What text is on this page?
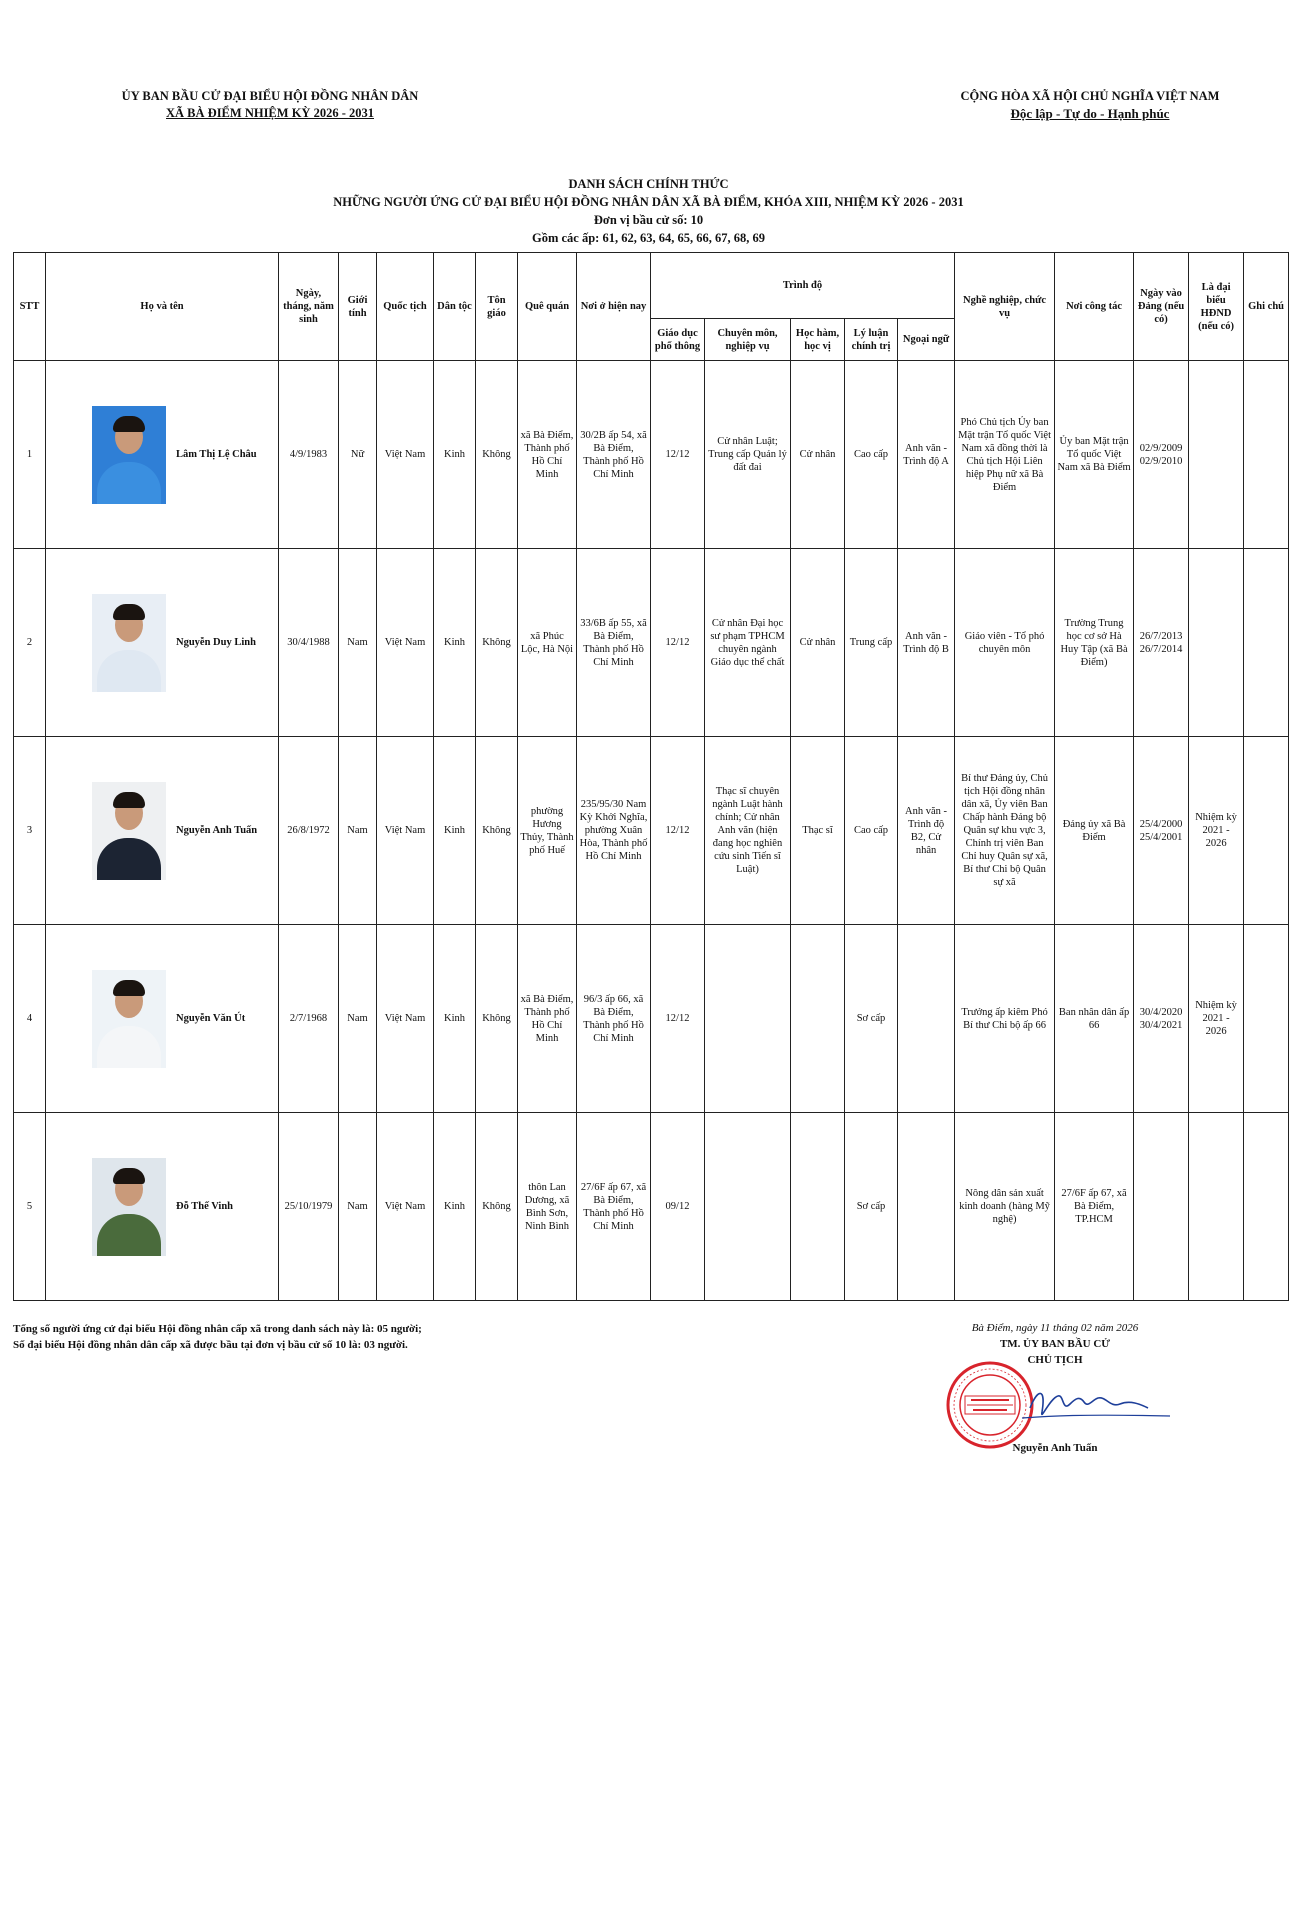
ỦY BAN BẦU CỬ ĐẠI BIỂU HỘI ĐỒNG NHÂN DÂN
XÃ BÀ ĐIỂM NHIỆM KỲ 2026 - 2031
CỘNG HÒA XÃ HỘI CHỦ NGHĨA VIỆT NAM
Độc lập - Tự do - Hạnh phúc
DANH SÁCH CHÍNH THỨC
NHỮNG NGƯỜI ỨNG CỬ ĐẠI BIỂU HỘI ĐỒNG NHÂN DÂN XÃ BÀ ĐIỂM, KHÓA XIII, NHIỆM KỲ 2026 - 2031
Đơn vị bầu cử số: 10
Gồm các ấp: 61, 62, 63, 64, 65, 66, 67, 68, 69
STT	Họ và tên	Ngày, tháng, năm sinh	Giới tính	Quốc tịch	Dân tộc	Tôn giáo	Quê quán	Nơi ở hiện nay	Trình độ					Nghề nghiệp, chức vụ	Nơi công tác	Ngày vào Đảng (nếu có)	Là đại biểu HĐND (nếu có)	Ghi chú
									Giáo dục phổ thông	Chuyên môn, nghiệp vụ	Học hàm, học vị	Lý luận chính trị	Ngoại ngữ					
1	Lâm Thị Lệ Châu	4/9/1983	Nữ	Việt Nam	Kinh	Không	xã Bà Điểm, Thành phố Hồ Chí Minh	30/2B ấp 54, xã Bà Điểm, Thành phố Hồ Chí Minh	12/12	Cử nhân Luật; Trung cấp Quản lý đất đai	Cử nhân	Cao cấp	Anh văn - Trình độ A	Phó Chủ tịch Ủy ban Mặt trận Tổ quốc Việt Nam xã đồng thời là Chủ tịch Hội Liên hiệp Phụ nữ xã Bà Điểm	Ủy ban Mặt trận Tổ quốc Việt Nam xã Bà Điểm	02/9/2009 02/9/2010		
2	Nguyễn Duy Linh	30/4/1988	Nam	Việt Nam	Kinh	Không	xã Phúc Lộc, Hà Nội	33/6B ấp 55, xã Bà Điểm, Thành phố Hồ Chí Minh	12/12	Cử nhân Đại học sư phạm TPHCM chuyên ngành Giáo dục thể chất	Cử nhân	Trung cấp	Anh văn - Trình độ B	Giáo viên - Tổ phó chuyên môn	Trường Trung học cơ sở Hà Huy Tập (xã Bà Điểm)	26/7/2013 26/7/2014		
3	Nguyễn Anh Tuấn	26/8/1972	Nam	Việt Nam	Kinh	Không	phường Hương Thủy, Thành phố Huế	235/95/30 Nam Kỳ Khởi Nghĩa, phường Xuân Hòa, Thành phố Hồ Chí Minh	12/12	Thạc sĩ chuyên ngành Luật hành chính; Cử nhân Anh văn (hiện đang học nghiên cứu sinh Tiến sĩ Luật)	Thạc sĩ	Cao cấp	Anh văn - Trình độ B2, Cử nhân	Bí thư Đảng ủy, Chủ tịch Hội đồng nhân dân xã, Ủy viên Ban Chấp hành Đảng bộ Quân sự khu vực 3, Chính trị viên Ban Chỉ huy Quân sự xã, Bí thư Chi bộ Quân sự xã	Đảng ủy xã Bà Điểm	25/4/2000 25/4/2001	Nhiệm kỳ 2021 - 2026	
4	Nguyễn Văn Út	2/7/1968	Nam	Việt Nam	Kinh	Không	xã Bà Điểm, Thành phố Hồ Chí Minh	96/3 ấp 66, xã Bà Điểm, Thành phố Hồ Chí Minh	12/12			Sơ cấp		Trưởng ấp kiêm Phó Bí thư Chi bộ ấp 66	Ban nhân dân ấp 66	30/4/2020 30/4/2021	Nhiệm kỳ 2021 - 2026	
5	Đỗ Thế Vinh	25/10/1979	Nam	Việt Nam	Kinh	Không	thôn Lan Dương, xã Bình Sơn, Ninh Bình	27/6F ấp 67, xã Bà Điểm, Thành phố Hồ Chí Minh	09/12			Sơ cấp		Nông dân sản xuất kinh doanh (hàng Mỹ nghệ)	27/6F ấp 67, xã Bà Điểm, TP.HCM			
Tổng số người ứng cử đại biểu Hội đồng nhân cấp xã trong danh sách này là: 05 người;
Số đại biểu Hội đồng nhân dân cấp xã được bầu tại đơn vị bầu cử số 10 là: 03 người.
Bà Điểm, ngày 11 tháng 02 năm 2026
TM. ỦY BAN BẦU CỬ
CHỦ TỊCH
Nguyễn Anh Tuấn
